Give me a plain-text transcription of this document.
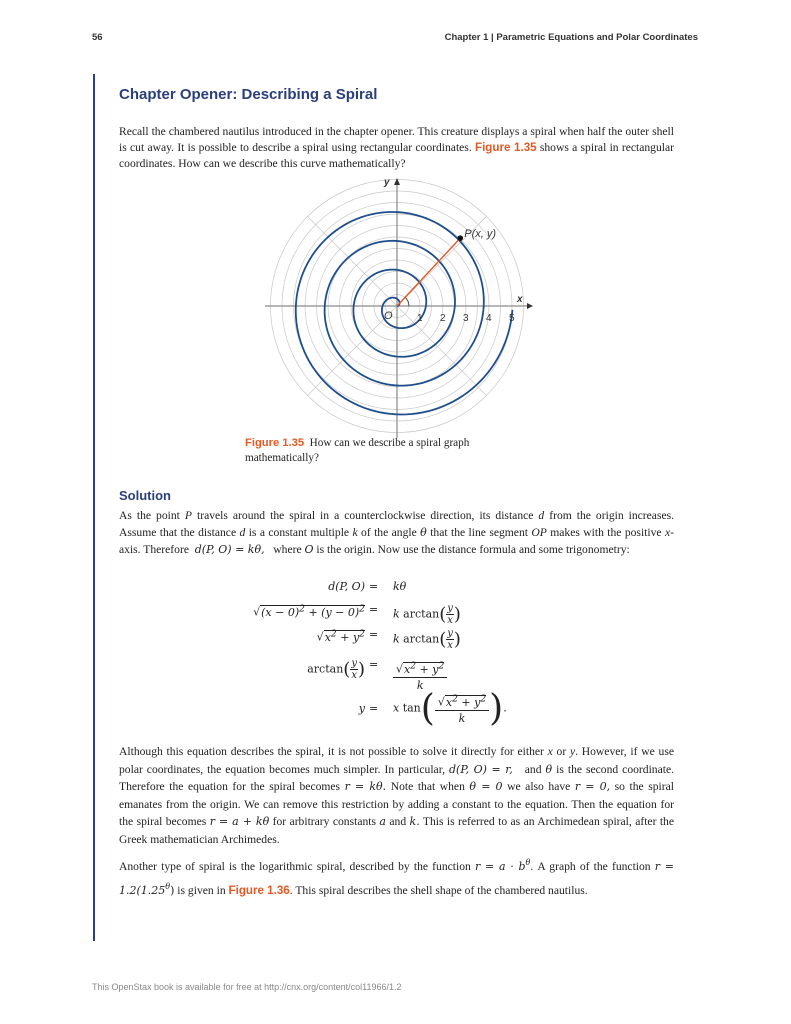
56	Chapter 1 | Parametric Equations and Polar Coordinates
Chapter Opener: Describing a Spiral
Recall the chambered nautilus introduced in the chapter opener. This creature displays a spiral when half the outer shell is cut away. It is possible to describe a spiral using rectangular coordinates. Figure 1.35 shows a spiral in rectangular coordinates. How can we describe this curve mathematically?
P(x, y)
O
x
y
1 2 3 4 5
Figure 1.35 How can we describe a spiral graph mathematically?
Solution
As the point P travels around the spiral in a counterclockwise direction, its distance d from the origin increases. Assume that the distance d is a constant multiple k of the angle θ that the line segment OP makes with the positive x-axis. Therefore  d(P, O) = kθ,   where O is the origin. Now use the distance formula and some trigonometry:
d(P, O) = kθ
$√(x - 0)^2 + (y - 0)^2 = k$ $\arctan( \frac{y}{x}$ )
$√x^2 + y^2 = k$ $\arctan( \frac{y}{x}$ )
$\arctan( \frac{y}{x}$ ) = $\frac{√x^2 + y^2}{k}$
y = x $\tan( \frac{√x^2 + y^2}{k})$.
Although this equation describes the spiral, it is not possible to solve it directly for either x or y. However, if we use polar coordinates, the equation becomes much simpler. In particular, d(P, O) = r,   and θ is the second coordinate. Therefore the equation for the spiral becomes r = kθ. Note that when θ = 0 we also have r = 0, so the spiral emanates from the origin. We can remove this restriction by adding a constant to the equation. Then the equation for the spiral becomes r = a + kθ for arbitrary constants a and k. This is referred to as an Archimedean spiral, after the Greek mathematician Archimedes.
Another type of spiral is the logarithmic spiral, described by the function $r = a \cdot b^\theta$. A graph of the function $r = 1.2(1.25^\theta)$ is given in Figure 1.36. This spiral describes the shell shape of the chambered nautilus.
This OpenStax book is available for free at http://cnx.org/content/col11966/1.2
